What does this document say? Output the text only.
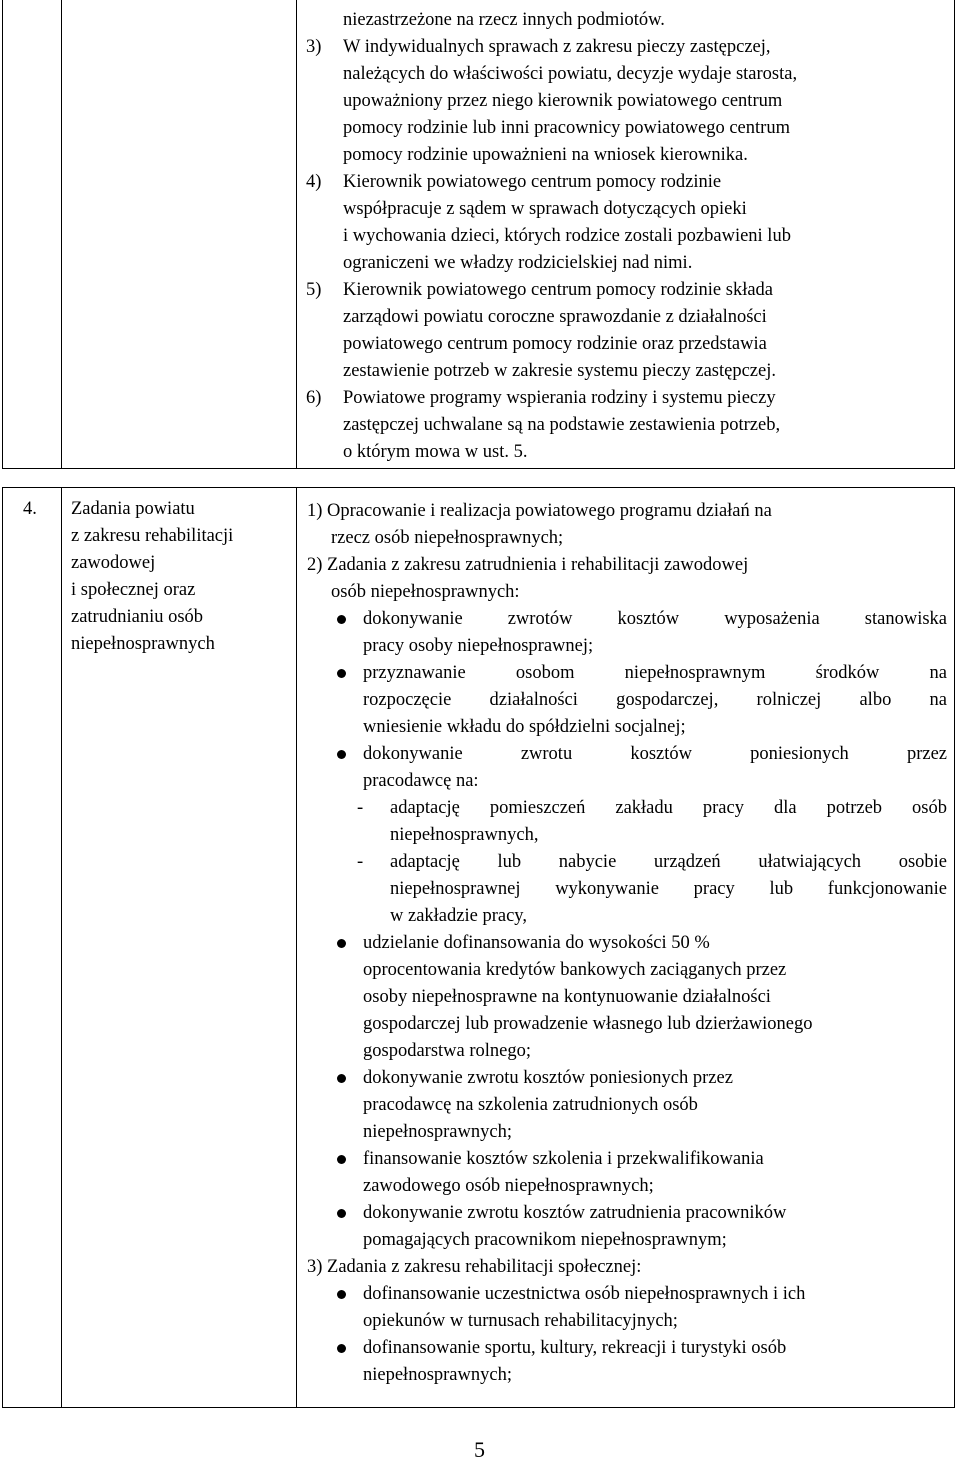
niezastrzeżone na rzecz innych podmiotów.
3) W indywidualnych sprawach z zakresu pieczy zastępczej,
należących do właściwości powiatu, decyzje wydaje starosta,
upoważniony przez niego kierownik powiatowego centrum
pomocy rodzinie lub inni pracownicy powiatowego centrum
pomocy rodzinie upoważnieni na wniosek kierownika.
4) Kierownik powiatowego centrum pomocy rodzinie
współpracuje z sądem w sprawach dotyczących opieki
i wychowania dzieci, których rodzice zostali pozbawieni lub
ograniczeni we władzy rodzicielskiej nad nimi.
5) Kierownik powiatowego centrum pomocy rodzinie składa
zarządowi powiatu coroczne sprawozdanie z działalności
powiatowego centrum pomocy rodzinie oraz przedstawia
zestawienie potrzeb w zakresie systemu pieczy zastępczej.
6) Powiatowe programy wspierania rodziny i systemu pieczy
zastępczej uchwalane są na podstawie zestawienia potrzeb,
o którym mowa w ust. 5.
4. Zadania powiatu
z zakresu rehabilitacji
zawodowej
i społecznej oraz
zatrudnianiu osób
niepełnosprawnych
1) Opracowanie i realizacja powiatowego programu działań na
rzecz osób niepełnosprawnych;
2) Zadania z zakresu zatrudnienia i rehabilitacji zawodowej
osób niepełnosprawnych:
dokonywanie zwrotów kosztów wyposażenia stanowiska
pracy osoby niepełnosprawnej;
przyznawanie osobom niepełnosprawnym środków na
rozpoczęcie działalności gospodarczej, rolniczej albo na
wniesienie wkładu do spółdzielni socjalnej;
dokonywanie zwrotu kosztów poniesionych przez
pracodawcę na:
- adaptację pomieszczeń zakładu pracy dla potrzeb osób
niepełnosprawnych,
- adaptację lub nabycie urządzeń ułatwiających osobie
niepełnosprawnej wykonywanie pracy lub funkcjonowanie
w zakładzie pracy,
udzielanie dofinansowania do wysokości 50 %
oprocentowania kredytów bankowych zaciąganych przez
osoby niepełnosprawne na kontynuowanie działalności
gospodarczej lub prowadzenie własnego lub dzierżawionego
gospodarstwa rolnego;
dokonywanie zwrotu kosztów poniesionych przez
pracodawcę na szkolenia zatrudnionych osób
niepełnosprawnych;
finansowanie kosztów szkolenia i przekwalifikowania
zawodowego osób niepełnosprawnych;
dokonywanie zwrotu kosztów zatrudnienia pracowników
pomagających pracownikom niepełnosprawnym;
3) Zadania z zakresu rehabilitacji społecznej:
dofinansowanie uczestnictwa osób niepełnosprawnych i ich
opiekunów w turnusach rehabilitacyjnych;
dofinansowanie sportu, kultury, rekreacji i turystyki osób
niepełnosprawnych;
5
